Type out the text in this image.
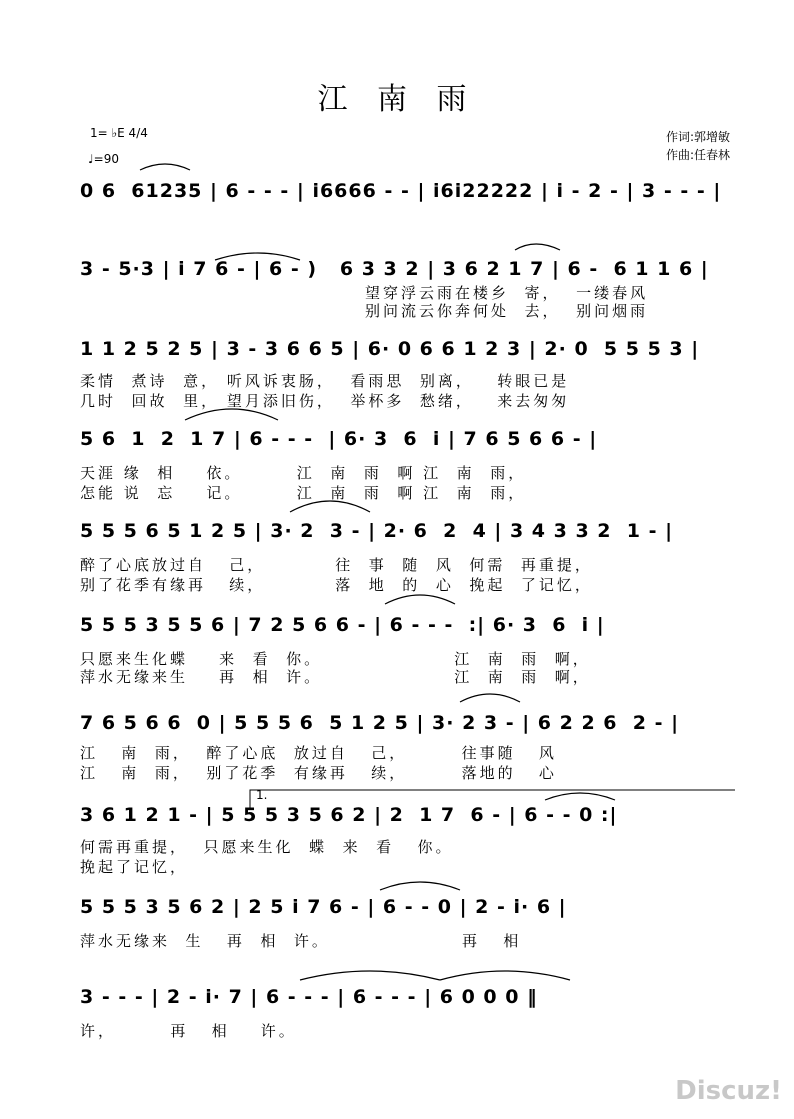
江 南 雨
1= ♭E 4/4
♩=90
作词:郭增敏
作曲:任春林
0 6  61235 | 6 - - - | i6666 - - | i6i22222 | i - 2 - | 3 - - - |
3 - 5·3 | i 7 6 - | 6 - )   6 3 3 2 | 3 6 2 1 7 | 6 -  6 1 1 6 |
望穿浮云雨在楼乡  寄，  一缕春风
别问流云你奔何处  去，  别问烟雨
1 1 2 5 2 5 | 3 - 3 6 6 5 | 6· 0 6 6 1 2 3 | 2· 0  5 5 5 3 |
柔情  煮诗  意， 听风诉衷肠，  看雨思  别离，   转眼已是
几时  回故  里， 望月添旧伤，  举杯多  愁绪，   来去匆匆
5 6  1  2  1 7 | 6 - - -  | 6· 3  6  i | 7 6 5 6 6 - |
天涯 缘  相    依。       江  南  雨  啊 江  南  雨，
怎能 说  忘    记。       江  南  雨  啊 江  南  雨，
5 5 5 6 5 1 2 5 | 3· 2  3 - | 2· 6  2  4 | 3 4 3 3 2  1 - |
醉了心底放过自   己，         往  事  随  风  何需  再重提，
别了花季有缘再   续，         落  地  的  心  挽起  了记忆，
5 5 5 3 5 5 6 | 7 2 5 6 6 - | 6 - - -  :| 6· 3  6  i |
只愿来生化蝶    来  看  你。                 江  南  雨  啊，
萍水无缘来生    再  相  许。                 江  南  雨  啊，
7 6 5 6 6  0 | 5 5 5 6  5 1 2 5 | 3· 2 3 - | 6 2 2 6  2 - |
江   南  雨，  醉了心底  放过自   己，       往事随   风
江   南  雨，  别了花季  有缘再   续，       落地的   心
1.
3 6 1 2 1 - | 5 5 5 3 5 6 2 | 2  1 7  6 - | 6 - - 0 :|
何需再重提，  只愿来生化  蝶  来  看   你。
挽起了记忆，
5 5 5 3 5 6 2 | 2 5 i 7 6 - | 6 - - 0 | 2 - i· 6 |
萍水无缘来  生   再  相  许。                 再   相
3 - - - | 2 - i· 7 | 6 - - - | 6 - - - | 6 0 0 0 ‖
许，       再   相    许。
Discuz!
